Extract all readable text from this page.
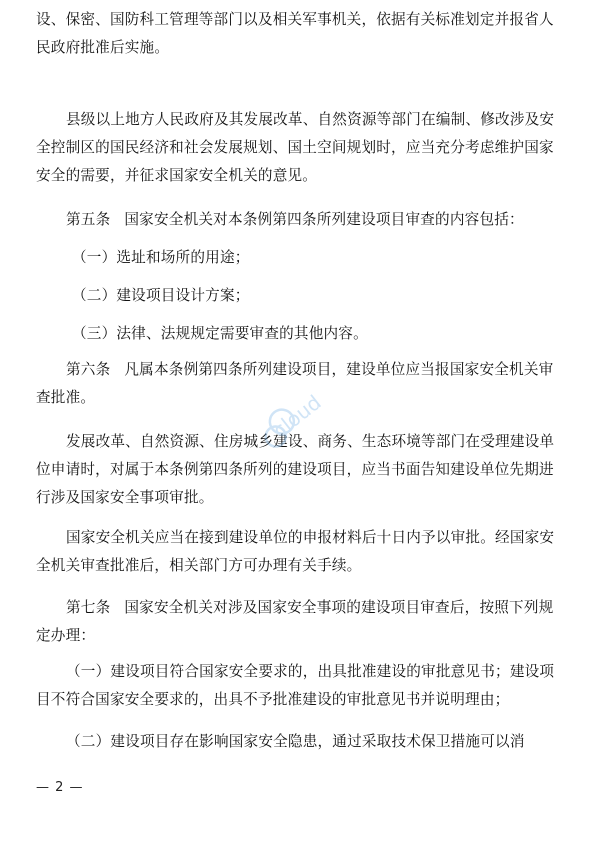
设、保密、国防科工管理等部门以及相关军事机关，依据有关标准划定并报省人民政府批准后实施。

县级以上地方人民政府及其发展改革、自然资源等部门在编制、修改涉及安全控制区的国民经济和社会发展规划、国土空间规划时，应当充分考虑维护国家安全的需要，并征求国家安全机关的意见。

第五条 国家安全机关对本条例第四条所列建设项目审查的内容包括：

（一）选址和场所的用途；

（二）建设项目设计方案；

（三）法律、法规规定需要审查的其他内容。

第六条 凡属本条例第四条所列建设项目，建设单位应当报国家安全机关审查批准。

发展改革、自然资源、住房城乡建设、商务、生态环境等部门在受理建设单位申请时，对属于本条例第四条所列的建设项目，应当书面告知建设单位先期进行涉及国家安全事项审批。

国家安全机关应当在接到建设单位的申报材料后十日内予以审批。经国家安全机关审查批准后，相关部门方可办理有关手续。

第七条 国家安全机关对涉及国家安全事项的建设项目审查后，按照下列规定办理：

（一）建设项目符合国家安全要求的，出具批准建设的审批意见书；建设项目不符合国家安全要求的，出具不予批准建设的审批意见书并说明理由；

（二）建设项目存在影响国家安全隐患，通过采取技术保卫措施可以消

cloud
— 2 —
